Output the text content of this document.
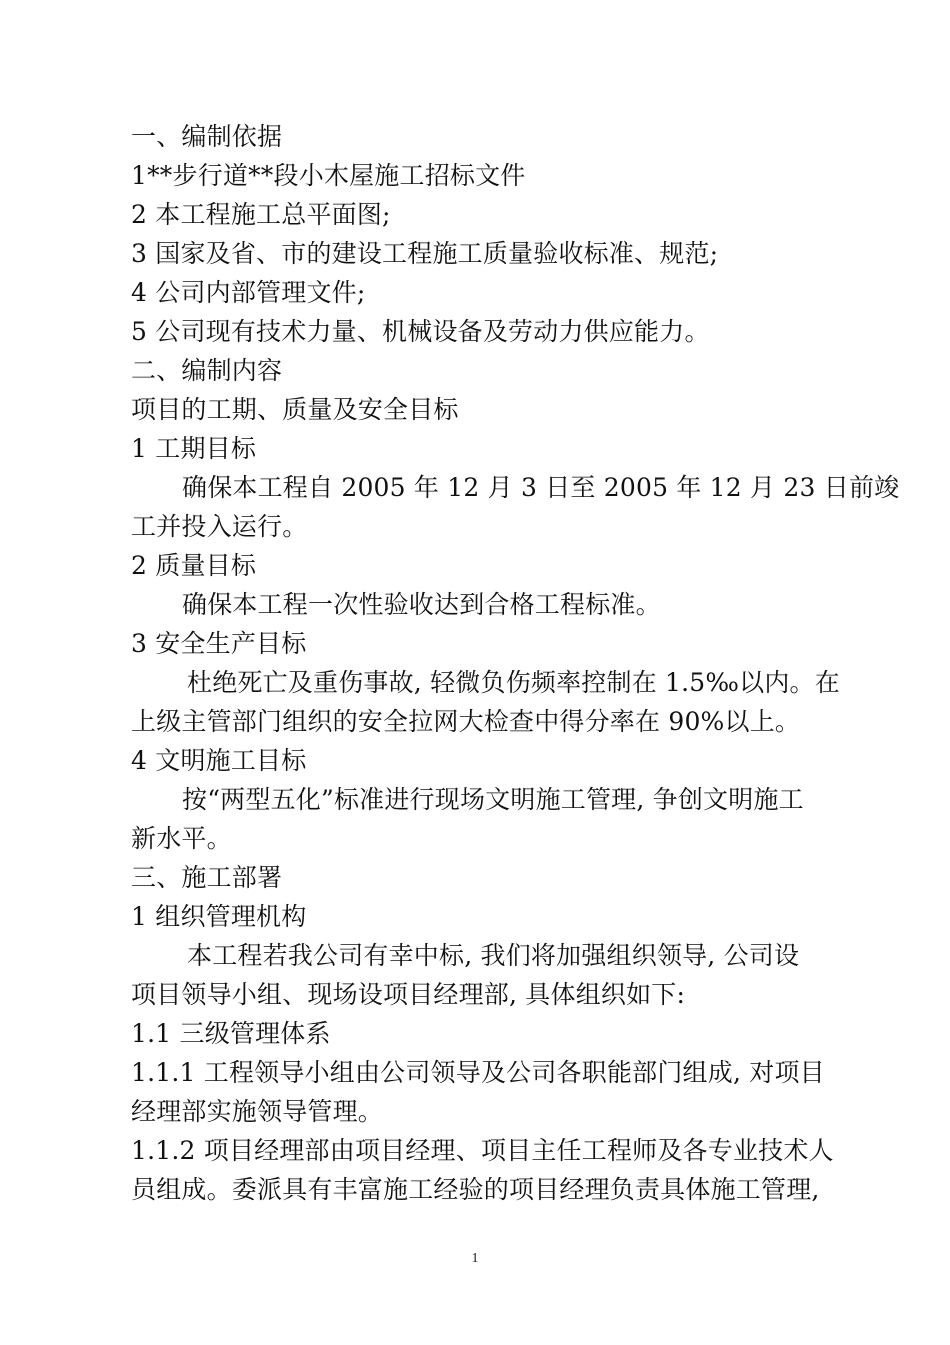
一、编制依据
1**步行道**段小木屋施工招标文件
2 本工程施工总平面图;
3 国家及省、市的建设工程施工质量验收标准、规范;
4 公司内部管理文件;
5 公司现有技术力量、机械设备及劳动力供应能力。
二、编制内容
项目的工期、质量及安全目标
1 工期目标
确保本工程自 2005 年 12 月 3 日至 2005 年 12 月 23 日前竣
工并投入运行。
2 质量目标
确保本工程一次性验收达到合格工程标准。
3 安全生产目标
杜绝死亡及重伤事故, 轻微负伤频率控制在 1.5‰以内。在
上级主管部门组织的安全拉网大检查中得分率在 90%以上。
4 文明施工目标
按“两型五化”标准进行现场文明施工管理, 争创文明施工
新水平。
三、施工部署
1 组织管理机构
本工程若我公司有幸中标, 我们将加强组织领导, 公司设
项目领导小组、现场设项目经理部, 具体组织如下:
1.1 三级管理体系
1.1.1 工程领导小组由公司领导及公司各职能部门组成, 对项目
经理部实施领导管理。
1.1.2 项目经理部由项目经理、项目主任工程师及各专业技术人
员组成。委派具有丰富施工经验的项目经理负责具体施工管理,
1
